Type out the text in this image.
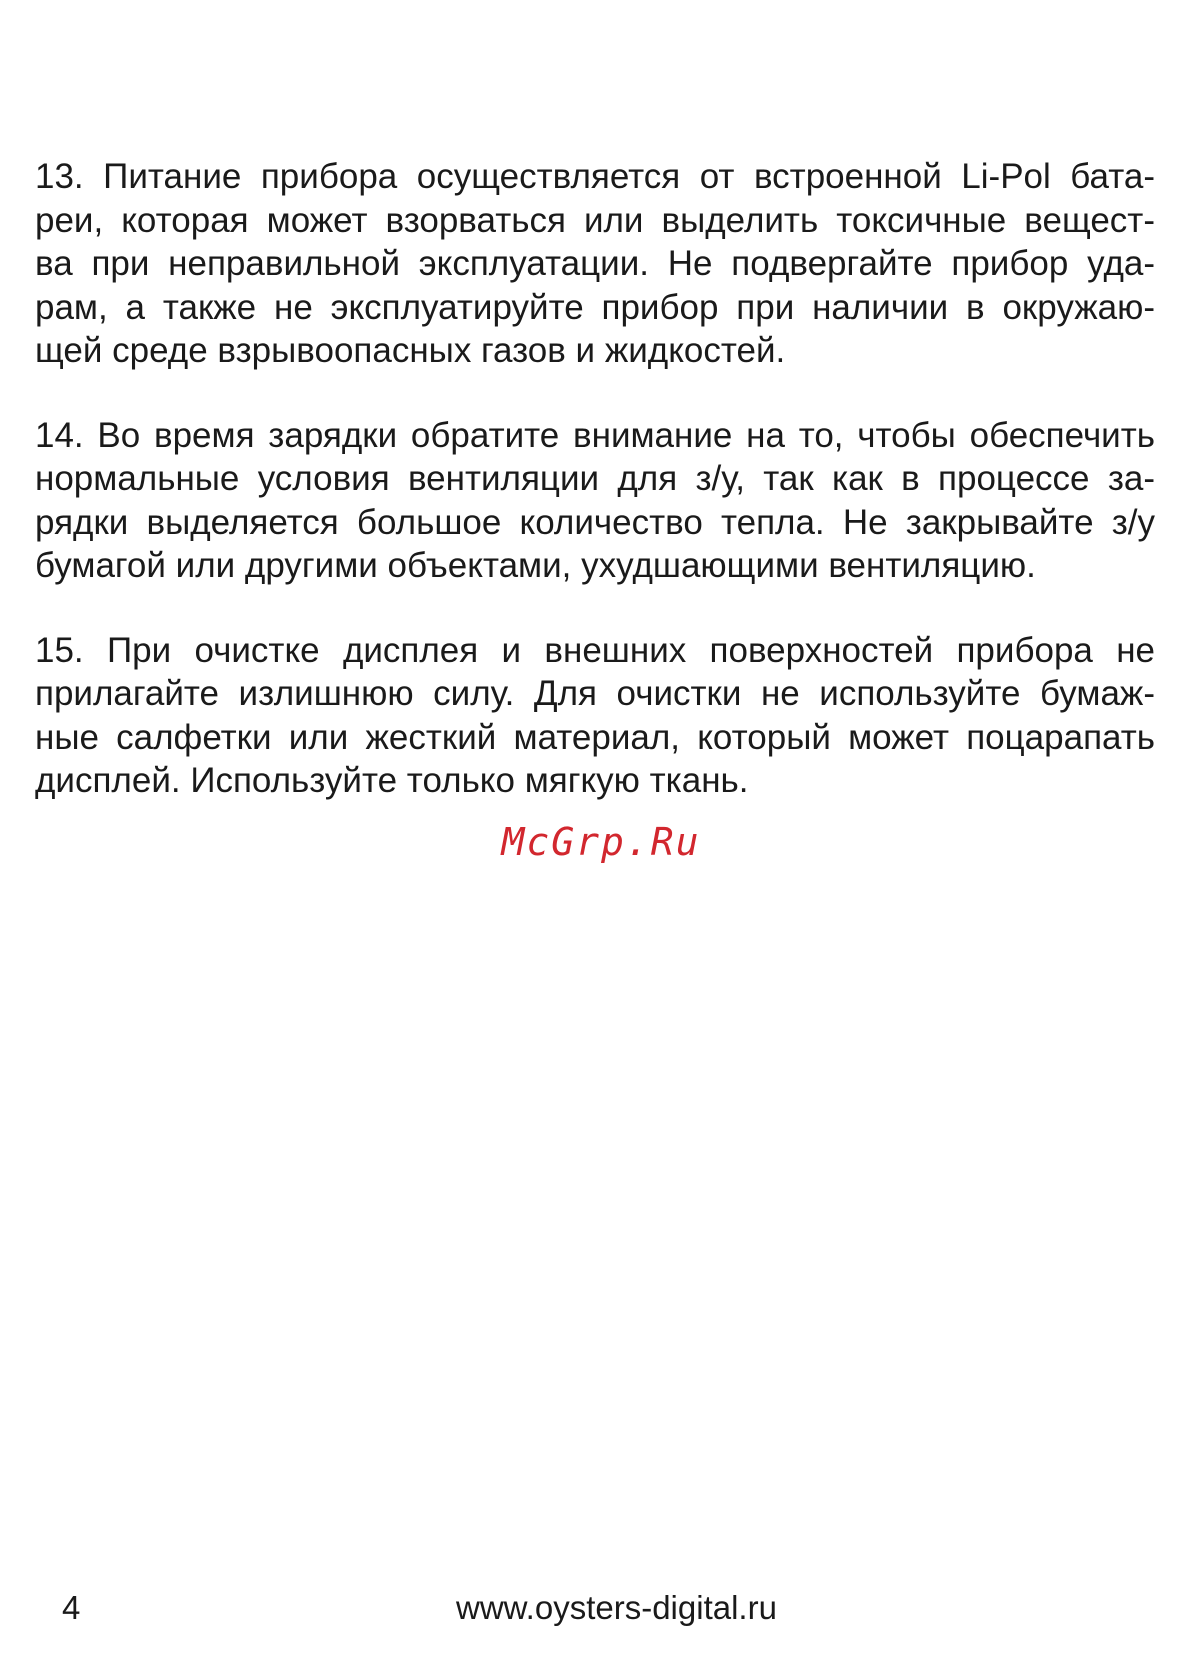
13. Питание прибора осуществляется от встроенной Li-Pol бата-
реи, которая может взорваться или выделить токсичные вещест-
ва при неправильной эксплуатации. Не подвергайте прибор уда-
рам, а также не эксплуатируйте прибор при наличии в окружаю-
щей среде взрывоопасных газов и жидкостей.

14. Во время зарядки обратите внимание на то, чтобы обеспечить
нормальные условия вентиляции для з/у, так как в процессе за-
рядки выделяется большое количество тепла. Не закрывайте з/у
бумагой или другими объектами, ухудшающими вентиляцию.

15. При очистке дисплея и внешних поверхностей прибора не
прилагайте излишнюю силу. Для очистки не используйте бумаж-
ные салфетки или жесткий материал, который может поцарапать
дисплей. Используйте только мягкую ткань.

McGrp.Ru
4	www.oysters-digital.ru
